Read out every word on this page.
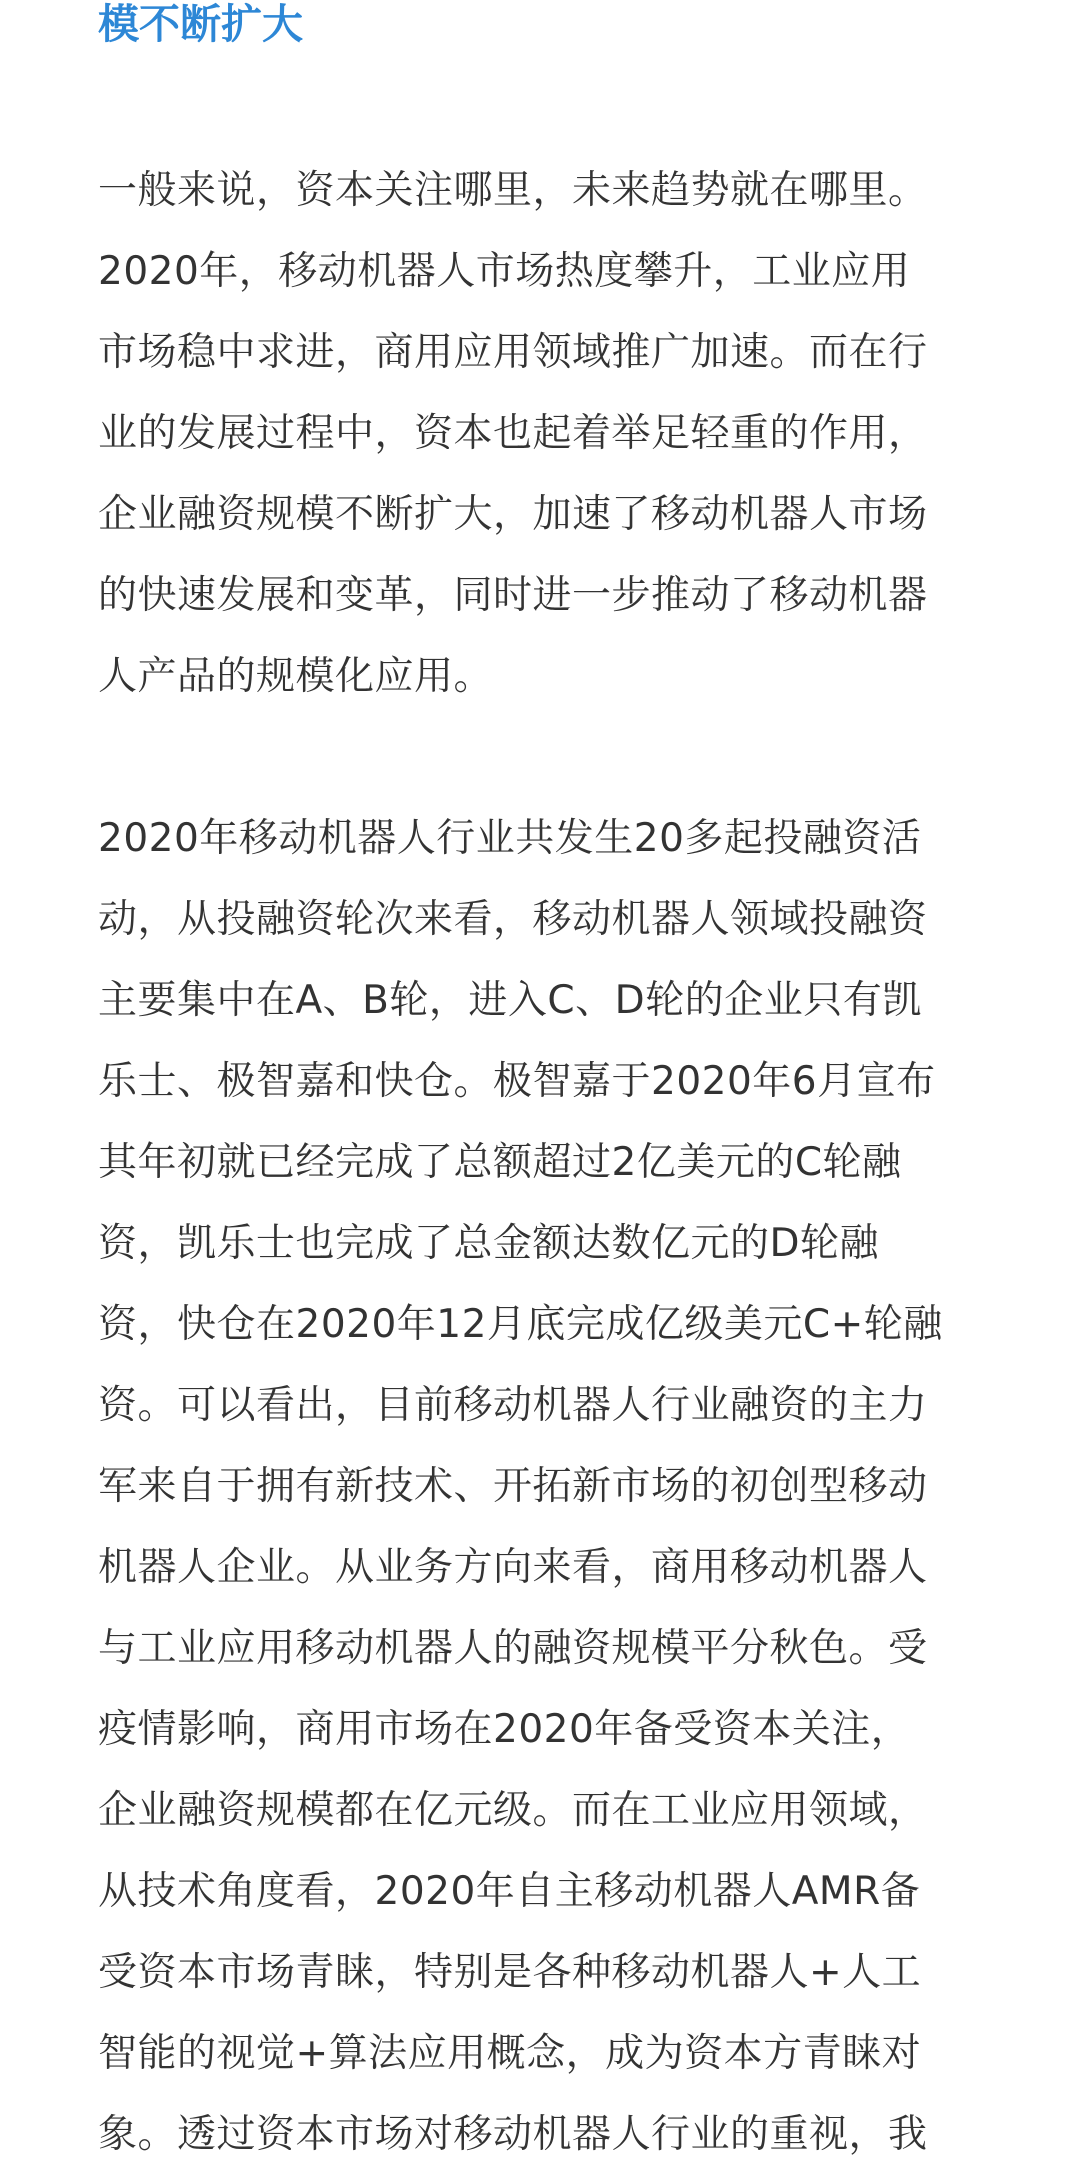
模不断扩大
一般来说，资本关注哪里，未来趋势就在哪里。
2020年，移动机器人市场热度攀升，工业应用
市场稳中求进，商用应用领域推广加速。而在行
业的发展过程中，资本也起着举足轻重的作用，
企业融资规模不断扩大，加速了移动机器人市场
的快速发展和变革，同时进一步推动了移动机器
人产品的规模化应用。
2020年移动机器人行业共发生20多起投融资活
动，从投融资轮次来看，移动机器人领域投融资
主要集中在A、B轮，进入C、D轮的企业只有凯
乐士、极智嘉和快仓。极智嘉于2020年6月宣布
其年初就已经完成了总额超过2亿美元的C轮融
资，凯乐士也完成了总金额达数亿元的D轮融
资，快仓在2020年12月底完成亿级美元C+轮融
资。可以看出，目前移动机器人行业融资的主力
军来自于拥有新技术、开拓新市场的初创型移动
机器人企业。从业务方向来看，商用移动机器人
与工业应用移动机器人的融资规模平分秋色。受
疫情影响，商用市场在2020年备受资本关注，
企业融资规模都在亿元级。而在工业应用领域，
从技术角度看，2020年自主移动机器人AMR备
受资本市场青睐，特别是各种移动机器人+人工
智能的视觉+算法应用概念，成为资本方青睐对
象。透过资本市场对移动机器人行业的重视，我
